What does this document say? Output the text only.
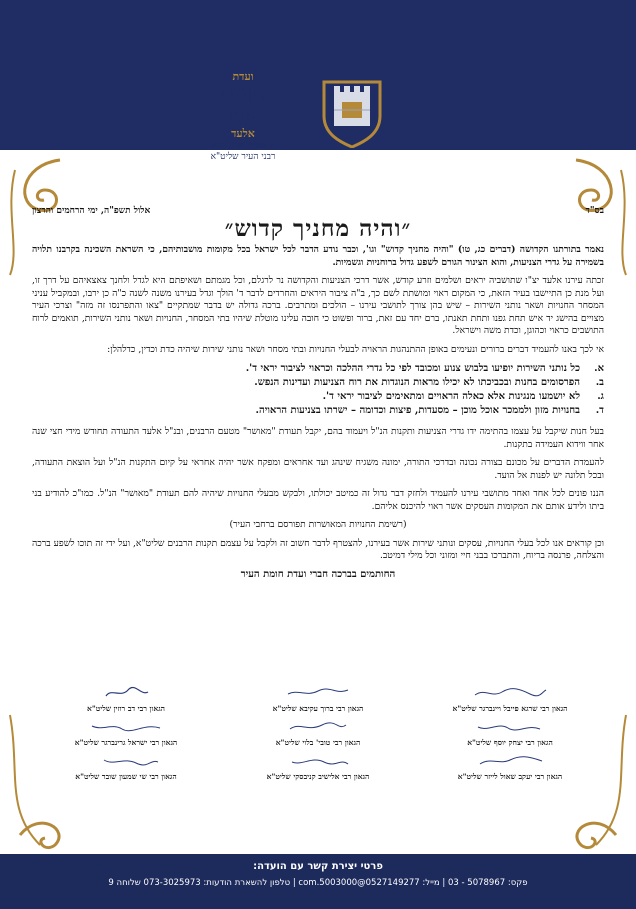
ועדת
חומת
העיר
אלעד
בראשות מרנן ורבנן
רבני העיר שליט"א
בס"ד
אלול תשפ"ה, ימי הרחמים והרצון
״והיה מחניך קדוש״

נאמר בתורתנו הקדושה (דברים כג, טו) "והיה מחניך קדוש" וגו', וכבר נודע הדבר לכל ישראל בכל מקומות מושבותיהם, כי השראת השכינה בקרבנו תלויה בשמירה על גדרי הצניעות, והוא הצינור הגורם לשפע גדול ברוחניות וגשמיות.

זכתה עירנו אלעד יצ"ו שתושביה יראים ושלמים וזרע קודש, אשר דרכי הצניעות והקדושה נר לרגלם, וכל מגמתם ושאיפתם היא לגדל ולחנך צאצאיהם על דרך זו, ועל מנת כן התיישבו בעיר הזאת, כי המקום ראוי ומושתת לשם כך, ב"ה ציבור היראים והחרדים לדבר ד' הולך וגדל בעירנו משנה לשנה כ"ה כן ירבו, ובמקביל עניני המסחר החנויות ושאר נותני השירות – שיש בהן צורך לתושבי עירנו – הולכים ומתרבים. ברכה גדולה יש בדבר שמתקיים "צאו והתפרנסו זה מזה" וצרכי העיר מצויים בהישג יד איש תחת גפנו ותחת תאנתו, ברם יחד עם זאת, ברור ופשוט כי חובה עלינו מוטלת שיהיו בתי המסחר, החנויות ושאר נותני השירות, תואמים לרוח התושבים כראוי וכהוגן, וכדת משה וישראל.

אי לכך באנו להעמיד דברים ברורים ונעימים באופן ההתנהגות הראויה לבעלי החנויות ובתי מסחר ושאר נותני שירות שיהיה כדת וכדין, כדלהלן:

א.
כל נותני השירות יופיעו בלבוש צנוע ומכובד לפי כל גדרי ההלכה וכראוי לציבור יראי ד'.
ב.
הפרסומים בחנות ובכביכתו לא יכילו מראות הנוגדות את רוח הצניעות ועדינות הנפש.
ג.
לא יושמעו מנגינות אלא כאלה הראויים ומתאימים לציבור יראי ד'.
ד.
בחנויות מזון ולממכר אוכל מוכן – מסעדות, פיצות וכדומה – ישרתו בצניעות הראויה.

בעל חנות שיקבל על עצמו בהתימה ידו גדרי הצניעות ותקנות הנ"ל ויעמוד בהם, יקבל תעודת "מאושר" מטעם הרבנים, ובנ"ל אלעד התעודה תחודש מידי חצי שנה אחר ווידוא העמידה בתקנות.

להעמדת הדברים על מכונם בצורה נכונה ובדרכי התורה, ימונה משגיח שינהג ועד אחראים ומפקח אשר יהיה אחראי על קיום התקנות הנ"ל ועל הוצאת התעודה, ובכל תלונה יש לפנות אל הועד.

הננו פונים לכל אחד ואחד מתושבי עירנו להעמיד ולחזק דבר גדול זה כמיטב יכולתו, ולבקש מבעלי החנויות שיהיה להם תעודת "מאושר" הנ"ל. כמו"כ להודיע בני ביתו ולידע אותם את המקומות העסקים אשר ראוי להיכנס אליהם.

(רשימת החנויות המאושרות תפורסם ברחבי העיר)

וכן קוראים אנו לכל בעלי החנויות, עסקים ונותני שירות אשר בעירנו, להצטרף לדבר חשוב זה ולקבל על עצמם תקנות הרבנים שליט"א, ועל ידי זה תוכו לשפע ברכה והצלחה, פרנסה בריוח, והתברכו בבני חיי ומזוני וכל מילי דמיטב.

החותמים בברכה חברי ועדת חומת העיר
הגאון רבי שרגא פייבל ויינברגר שליט"א
הגאון רבי ברוך עקיבא שליט"א
הגאון רבי דב רוזין שליט"א
הגאון רבי יצחק יוסף שליט"א
הגאון רבי טובי' בלוי שליט"א
הגאון רבי ישראל גרינברגר שליט"א
הגאון רבי יעקב שאול לייזר שליט"א
הגאון רבי אלישיב קניבסקי שליט"א
הגאון רבי שי שמעון שובר שליט"א
פרטי יצירת קשר עם הועדה:
פקס: 5078967 - 03 | מייל: 0527149277@5003000.com | טלפון להשארת הודעות: 073-3025973 שלוחה 9
